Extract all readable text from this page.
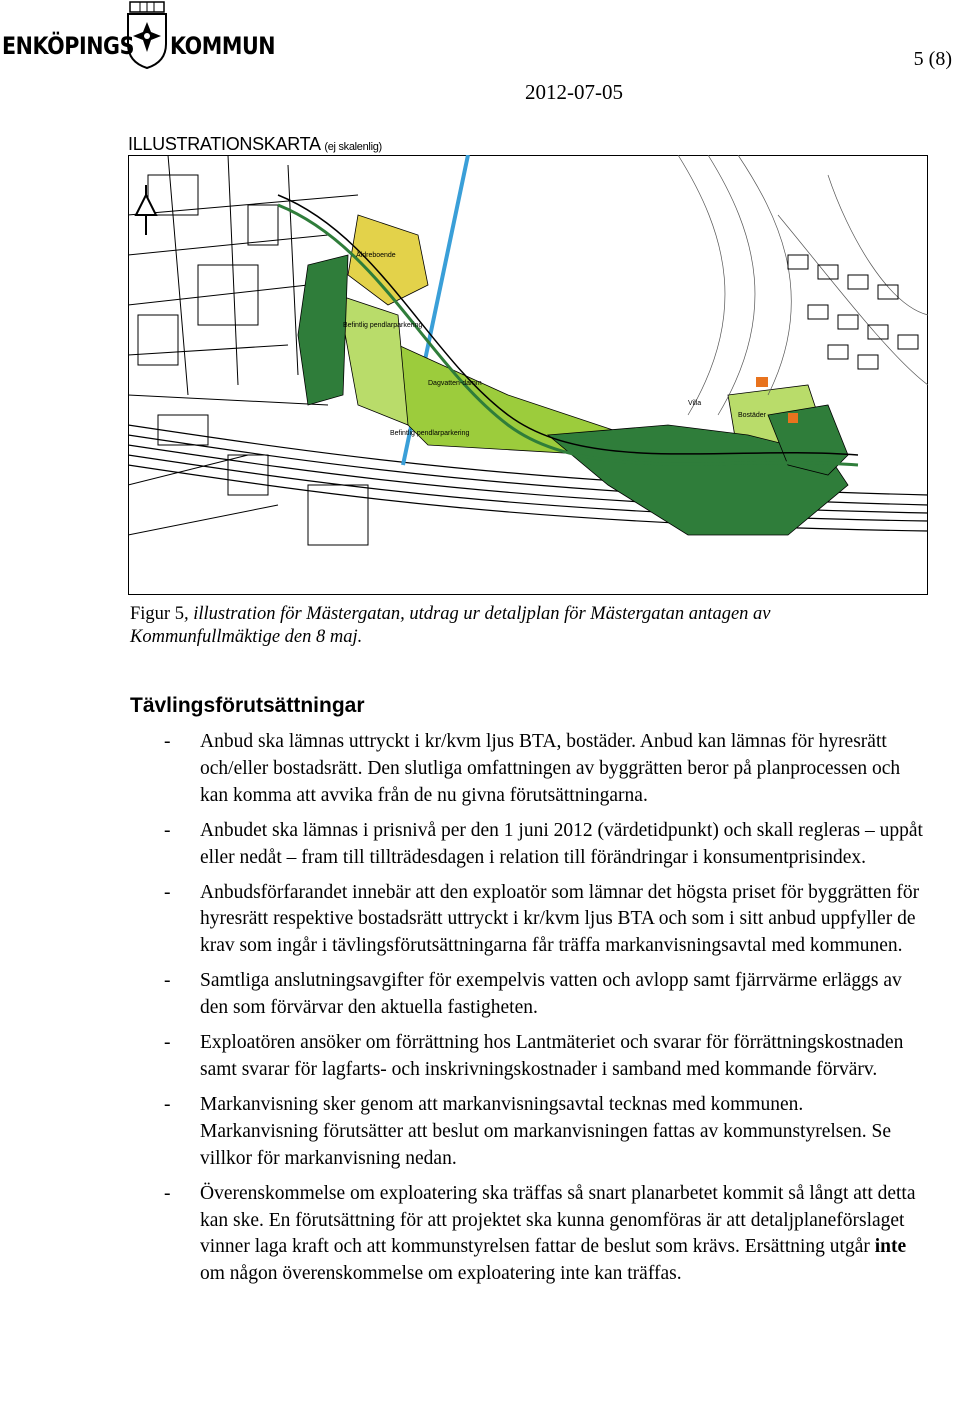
ENKÖPINGS KOMMUN	5 (8)
2012-07-05
ILLUSTRATIONSKARTA (ej skalenlig)
Äldreboende
Befintlig pendlarparkering
Dagvatten-damm
Befintlig pendlarparkering
Villa
Bostäder
Figur 5, illustration för Mästergatan, utdrag ur detaljplan för Mästergatan antagen av Kommunfullmäktige den 8 maj.
Tävlingsförutsättningar
- Anbud ska lämnas uttryckt i kr/kvm ljus BTA, bostäder. Anbud kan lämnas för hyresrätt och/eller bostadsrätt. Den slutliga omfattningen av byggrätten beror på planprocessen och kan komma att avvika från de nu givna förutsättningarna.
- Anbudet ska lämnas i prisnivå per den 1 juni 2012 (värdetidpunkt) och skall regleras – uppåt eller nedåt – fram till tillträdesdagen i relation till förändringar i konsumentprisindex.
- Anbudsförfarandet innebär att den exploatör som lämnar det högsta priset för byggrätten för hyresrätt respektive bostadsrätt uttryckt i kr/kvm ljus BTA och som i sitt anbud uppfyller de krav som ingår i tävlingsförutsättningarna får träffa markanvisningsavtal med kommunen.
- Samtliga anslutningsavgifter för exempelvis vatten och avlopp samt fjärrvärme erläggs av den som förvärvar den aktuella fastigheten.
- Exploatören ansöker om förrättning hos Lantmäteriet och svarar för förrättningskostnaden samt svarar för lagfarts- och inskrivningskostnader i samband med kommande förvärv.
- Markanvisning sker genom att markanvisningsavtal tecknas med kommunen. Markanvisning förutsätter att beslut om markanvisningen fattas av kommunstyrelsen. Se villkor för markanvisning nedan.
- Överenskommelse om exploatering ska träffas så snart planarbetet kommit så långt att detta kan ske. En förutsättning för att projektet ska kunna genomföras är att detaljplaneförslaget vinner laga kraft och att kommunstyrelsen fattar de beslut som krävs. Ersättning utgår inte om någon överenskommelse om exploatering inte kan träffas.
